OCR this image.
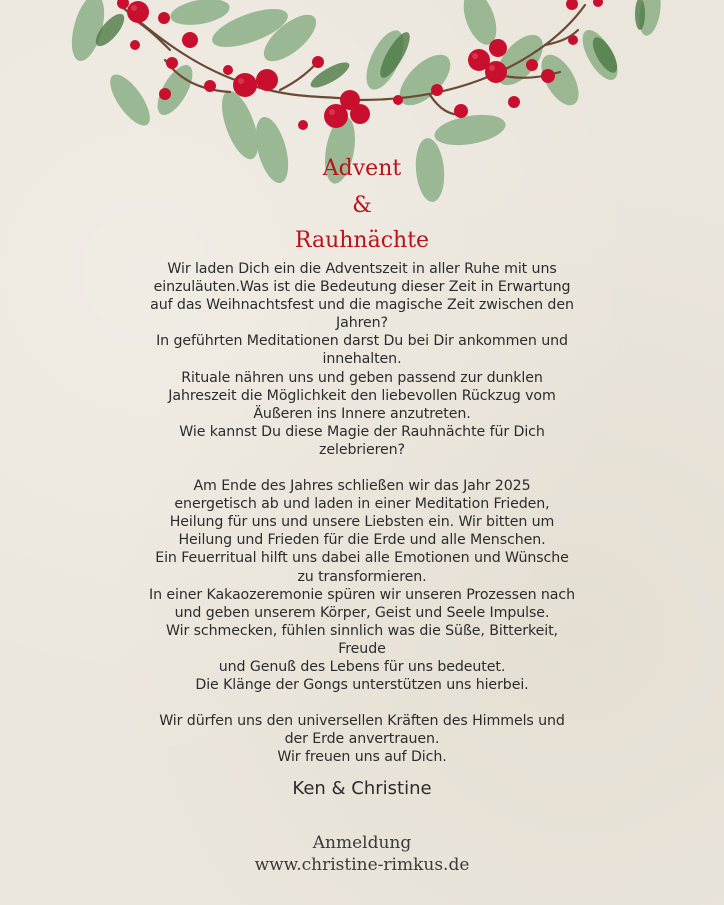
Advent
&
Rauhnächte

Wir laden Dich ein die Adventszeit in aller Ruhe mit uns

einzuläuten.Was ist die Bedeutung dieser Zeit in Erwartung

auf das Weihnachtsfest und die magische Zeit zwischen den

Jahren?

In geführten Meditationen darst Du bei Dir ankommen und

innehalten.

Rituale nähren uns und geben passend zur dunklen

Jahreszeit die Möglichkeit den liebevollen Rückzug vom

Äußeren ins Innere anzutreten.

Wie kannst Du diese Magie der Rauhnächte für Dich

zelebrieren?

Am Ende des Jahres schließen wir das Jahr 2025

energetisch ab und laden in einer Meditation Frieden,

Heilung für uns und unsere Liebsten ein. Wir bitten um

Heilung und Frieden für die Erde und alle Menschen.

Ein Feuerritual hilft uns dabei alle Emotionen und Wünsche

zu transformieren.

In einer Kakaozeremonie spüren wir unseren Prozessen nach

und geben unserem Körper, Geist und Seele Impulse.

Wir schmecken, fühlen sinnlich was die Süße, Bitterkeit,

Freude

und Genuß des Lebens für uns bedeutet.

Die Klänge der Gongs unterstützen uns hierbei.

Wir dürfen uns den universellen Kräften des Himmels und

der Erde anvertrauen.

Wir freuen uns auf Dich.

Ken & Christine
Anmeldung
www.christine-rimkus.de
